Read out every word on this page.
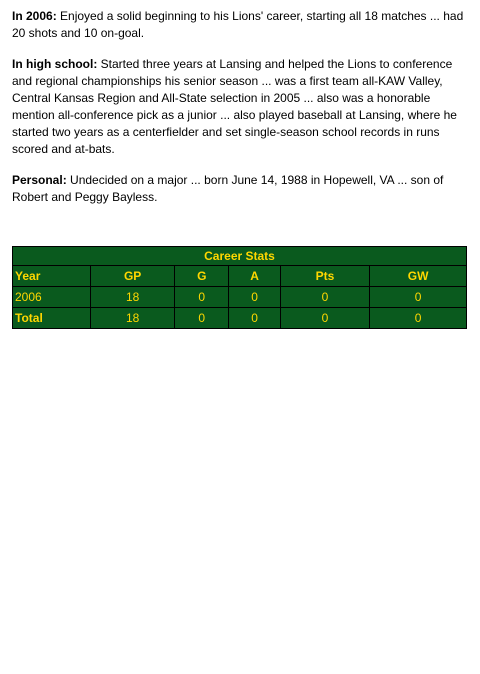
In 2006: Enjoyed a solid beginning to his Lions' career, starting all 18 matches ... had 20 shots and 10 on-goal.

In high school: Started three years at Lansing and helped the Lions to conference and regional championships his senior season ... was a first team all-KAW Valley, Central Kansas Region and All-State selection in 2005 ... also was a honorable mention all-conference pick as a junior ... also played baseball at Lansing, where he started two years as a centerfielder and set single-season school records in runs scored and at-bats.

Personal: Undecided on a major ... born June 14, 1988 in Hopewell, VA ... son of Robert and Peggy Bayless.

Career Stats					
Year	GP	G	A	Pts	GW
2006	18	0	0	0	0
Total	18	0	0	0	0
